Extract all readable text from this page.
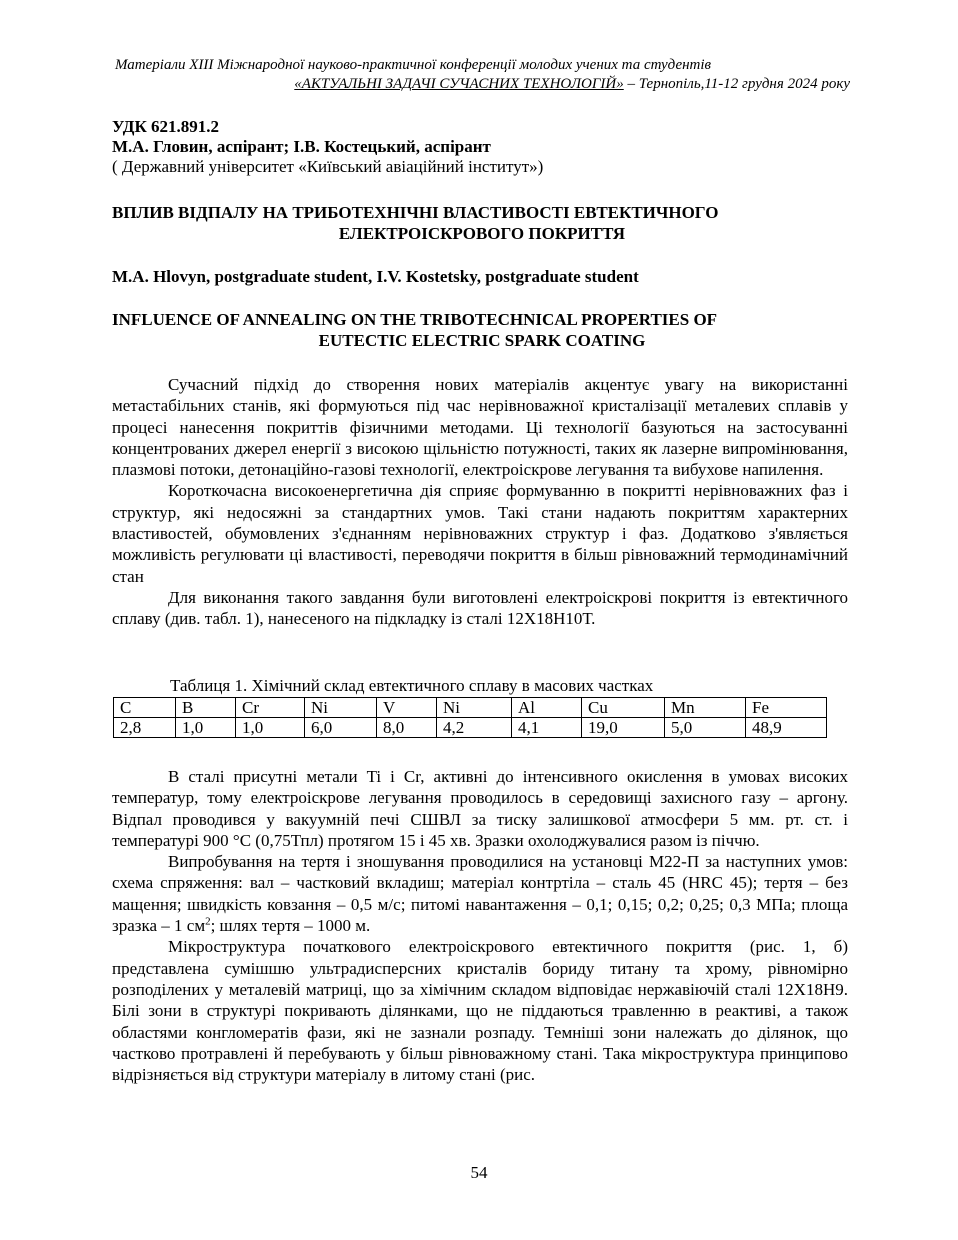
Матеріали XIII Міжнародної науково-практичної конференції молодих учених та студентів
«АКТУАЛЬНІ ЗАДАЧІ СУЧАСНИХ ТЕХНОЛОГІЙ» – Тернопіль,11-12 грудня 2024 року
УДК 621.891.2
М.А. Гловин, аспірант; І.В. Костецький, аспірант
( Державний університет «Київський авіаційний інститут»)
ВПЛИВ ВІДПАЛУ НА ТРИБОТЕХНІЧНІ ВЛАСТИВОСТІ ЕВТЕКТИЧНОГО
ЕЛЕКТРОІСКРОВОГО ПОКРИТТЯ
M.A. Hlovyn, postgraduate student, I.V. Kostetsky, postgraduate student
INFLUENCE OF ANNEALING ON THE TRIBOTECHNICAL PROPERTIES OF
EUTECTIC ELECTRIC SPARK COATING

Сучасний підхід до створення нових матеріалів акцентує увагу на використанні метастабільних станів, які формуються під час нерівноважної кристалізації металевих сплавів у процесі нанесення покриттів фізичними методами. Ці технології базуються на застосуванні концентрованих джерел енергії з високою щільністю потужності, таких як лазерне випромінювання, плазмові потоки, детонаційно-газові технології, електроіскрове легування та вибухове напилення.

Короткочасна високоенергетична дія сприяє формуванню в покритті нерівноважних фаз і структур, які недосяжні за стандартних умов. Такі стани надають покриттям характерних властивостей, обумовлених з'єднанням нерівноважних структур і фаз. Додатково з'являється можливість регулювати ці властивості, переводячи покриття в більш рівноважний термодинамічний стан

Для виконання такого завдання були виготовлені електроіскрові покриття із евтектичного сплаву (див. табл. 1), нанесеного на підкладку із сталі 12Х18Н10Т.

Таблиця 1. Хімічний склад евтектичного сплаву в масових частках
C	B	Cr	Ni	V	Ni	Al	Cu	Mn	Fe
2,8	1,0	1,0	6,0	8,0	4,2	4,1	19,0	5,0	48,9

В сталі присутні метали Ti і Cr, активні до інтенсивного окислення в умовах високих температур, тому електроіскрове легування проводилось в середовищі захисного газу – аргону. Відпал проводився у вакуумній печі СШВЛ за тиску залишкової атмосфери 5 мм. рт. ст. і температурі 900 °С (0,75Тпл) протягом 15 і 45 хв. Зразки охолоджувалися разом із піччю.

Випробування на тертя і зношування проводилися на установці М22-П за наступних умов: схема спряження: вал – частковий вкладиш; матеріал контртіла – сталь 45 (HRC 45); тертя – без мащення; швидкість ковзання – 0,5 м/с; питомі навантаження – 0,1; 0,15; 0,2; 0,25; 0,3 МПа; площа зразка – 1 $см^2$; шлях тертя – 1000 м.

Мікроструктура початкового електроіскрового евтектичного покриття (рис. 1, б) представлена сумішшю ультрадисперсних кристалів бориду титану та хрому, рівномірно розподілених у металевій матриці, що за хімічним складом відповідає нержавіючій сталі 12Х18Н9. Білі зони в структурі покривають ділянками, що не піддаються травленню в реактиві, а також областями конгломератів фази, які не зазнали розпаду. Темніші зони належать до ділянок, що частково протравлені й перебувають у більш рівноважному стані. Така мікроструктура принципово відрізняється від структури матеріалу в литому стані (рис.

54
